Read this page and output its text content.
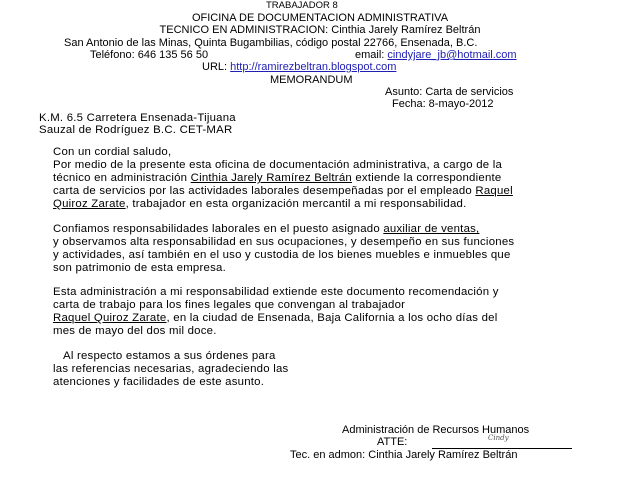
TRABAJADOR 8
OFICINA DE DOCUMENTACION ADMINISTRATIVA
TECNICO EN ADMINISTRACION: Cinthia Jarely Ramírez Beltrán
San Antonio de las Minas, Quinta Bugambilias, código postal 22766, Ensenada, B.C.
Teléfono: 646 135 56 50	email: cindyjare_jb@hotmail.com
URL: http://ramirezbeltran.blogspot.com
MEMORANDUM
Asunto: Carta de servicios
Fecha: 8-mayo-2012
K.M. 6.5 Carretera Ensenada-Tijuana
Sauzal de Rodríguez B.C. CET-MAR
Con un cordial saludo,
Por medio de la presente esta oficina de documentación administrativa, a cargo de la
técnico en administración Cinthia Jarely Ramírez Beltrán extiende la correspondiente
carta de servicios por las actividades laborales desempeñadas por el empleado Raquel
Quiroz Zarate, trabajador en esta organización mercantil a mi responsabilidad.
Confiamos responsabilidades laborales en el puesto asignado auxiliar de ventas,
y observamos alta responsabilidad en sus ocupaciones, y desempeño en sus funciones
y actividades, así también en el uso y custodia de los bienes muebles e inmuebles que
son patrimonio de esta empresa.
Esta administración a mi responsabilidad extiende este documento recomendación y
carta de trabajo para los fines legales que convengan al trabajador
Raquel Quiroz Zarate, en la ciudad de Ensenada, Baja California a los ocho días del
mes de mayo del dos mil doce.
Al respecto estamos a sus órdenes para
las referencias necesarias, agradeciendo las
atenciones y facilidades de este asunto.
Administración de Recursos Humanos
ATTE:	Cindy
Tec. en admon: Cinthia Jarely Ramírez Beltrán
